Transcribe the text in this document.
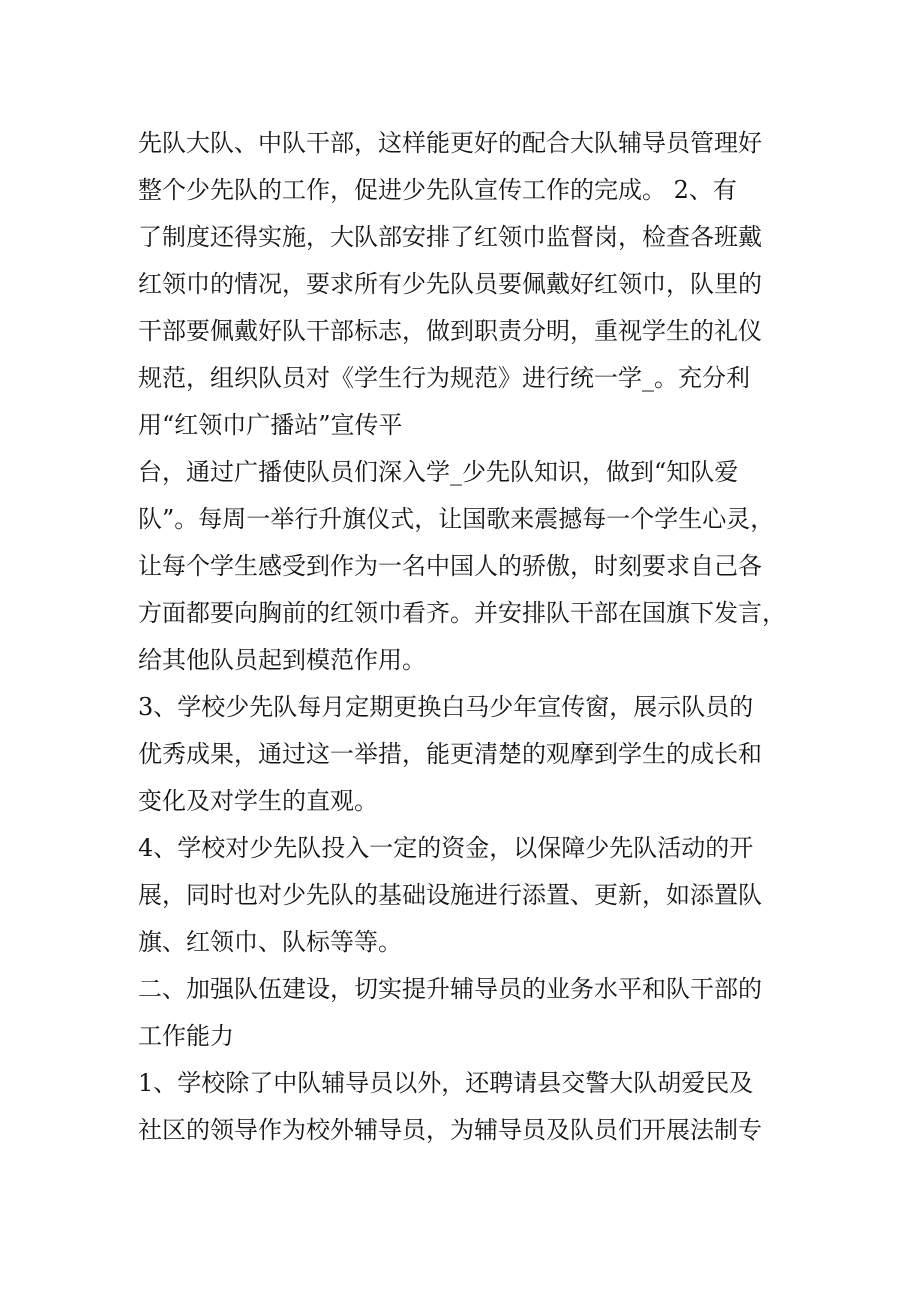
先队大队、中队干部，这样能更好的配合大队辅导员管理好
整个少先队的工作，促进少先队宣传工作的完成。 2、有
了制度还得实施，大队部安排了红领巾监督岗，检查各班戴
红领巾的情况，要求所有少先队员要佩戴好红领巾，队里的
干部要佩戴好队干部标志，做到职责分明，重视学生的礼仪
规范，组织队员对《学生行为规范》进行统一学_。充分利
用“红领巾广播站”宣传平
台，通过广播使队员们深入学_少先队知识，做到“知队爱
队”。每周一举行升旗仪式，让国歌来震撼每一个学生心灵，
让每个学生感受到作为一名中国人的骄傲，时刻要求自己各
方面都要向胸前的红领巾看齐。并安排队干部在国旗下发言，
给其他队员起到模范作用。
3、学校少先队每月定期更换白马少年宣传窗，展示队员的
优秀成果，通过这一举措，能更清楚的观摩到学生的成长和
变化及对学生的直观。
4、学校对少先队投入一定的资金，以保障少先队活动的开
展，同时也对少先队的基础设施进行添置、更新，如添置队
旗、红领巾、队标等等。
二、加强队伍建设，切实提升辅导员的业务水平和队干部的
工作能力
1、学校除了中队辅导员以外，还聘请县交警大队胡爱民及
社区的领导作为校外辅导员，为辅导员及队员们开展法制专
